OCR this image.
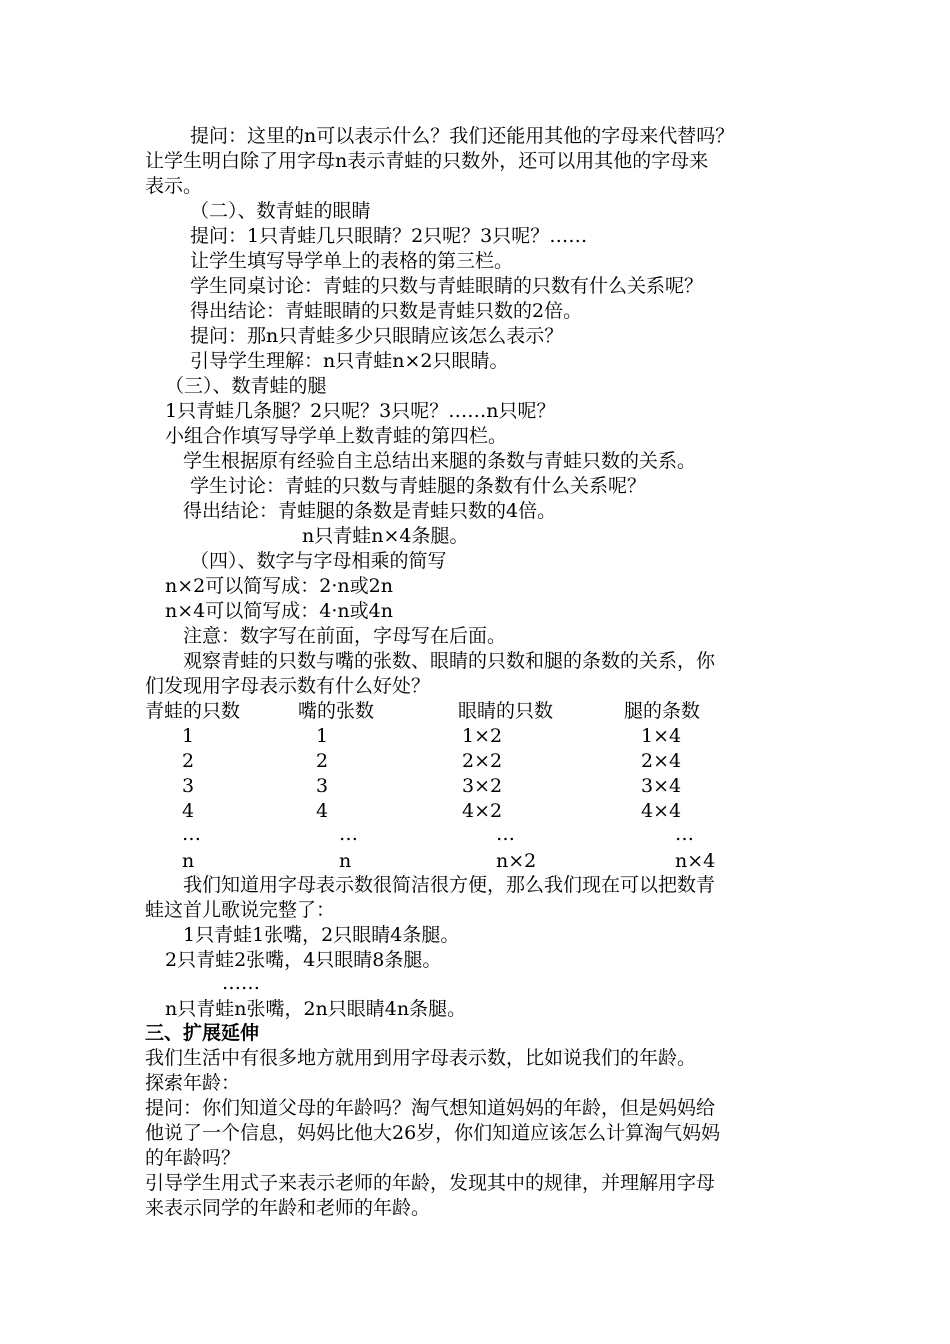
提问：这里的n可以表示什么？我们还能用其他的字母来代替吗？
让学生明白除了用字母n表示青蛙的只数外，还可以用其他的字母来
表示。
（二）、数青蛙的眼睛
提问：1只青蛙几只眼睛？2只呢？3只呢？……
让学生填写导学单上的表格的第三栏。
学生同桌讨论：青蛙的只数与青蛙眼睛的只数有什么关系呢？
得出结论：青蛙眼睛的只数是青蛙只数的2倍。
提问：那n只青蛙多少只眼睛应该怎么表示？
引导学生理解：n只青蛙n×2只眼睛。
（三）、数青蛙的腿
1只青蛙几条腿？2只呢？3只呢？……n只呢？
小组合作填写导学单上数青蛙的第四栏。
学生根据原有经验自主总结出来腿的条数与青蛙只数的关系。
学生讨论：青蛙的只数与青蛙腿的条数有什么关系呢？
得出结论：青蛙腿的条数是青蛙只数的4倍。
n只青蛙n×4条腿。
（四）、数字与字母相乘的简写
n×2可以简写成：2·n或2n
n×4可以简写成：4·n或4n
注意：数字写在前面，字母写在后面。
观察青蛙的只数与嘴的张数、眼睛的只数和腿的条数的关系，你
们发现用字母表示数有什么好处？
青蛙的只数	嘴的张数	眼睛的只数	腿的条数
1	1	1×2	1×4
2	2	2×2	2×4
3	3	3×2	3×4
4	4	4×2	4×4
…	…	…	…
n	n	n×2	n×4
我们知道用字母表示数很简洁很方便，那么我们现在可以把数青
蛙这首儿歌说完整了：
1只青蛙1张嘴，2只眼睛4条腿。
2只青蛙2张嘴，4只眼睛8条腿。
……
n只青蛙n张嘴，2n只眼睛4n条腿。
三、扩展延伸
我们生活中有很多地方就用到用字母表示数，比如说我们的年龄。
探索年龄：
提问：你们知道父母的年龄吗？淘气想知道妈妈的年龄，但是妈妈给
他说了一个信息，妈妈比他大26岁，你们知道应该怎么计算淘气妈妈
的年龄吗？
引导学生用式子来表示老师的年龄，发现其中的规律，并理解用字母
来表示同学的年龄和老师的年龄。
